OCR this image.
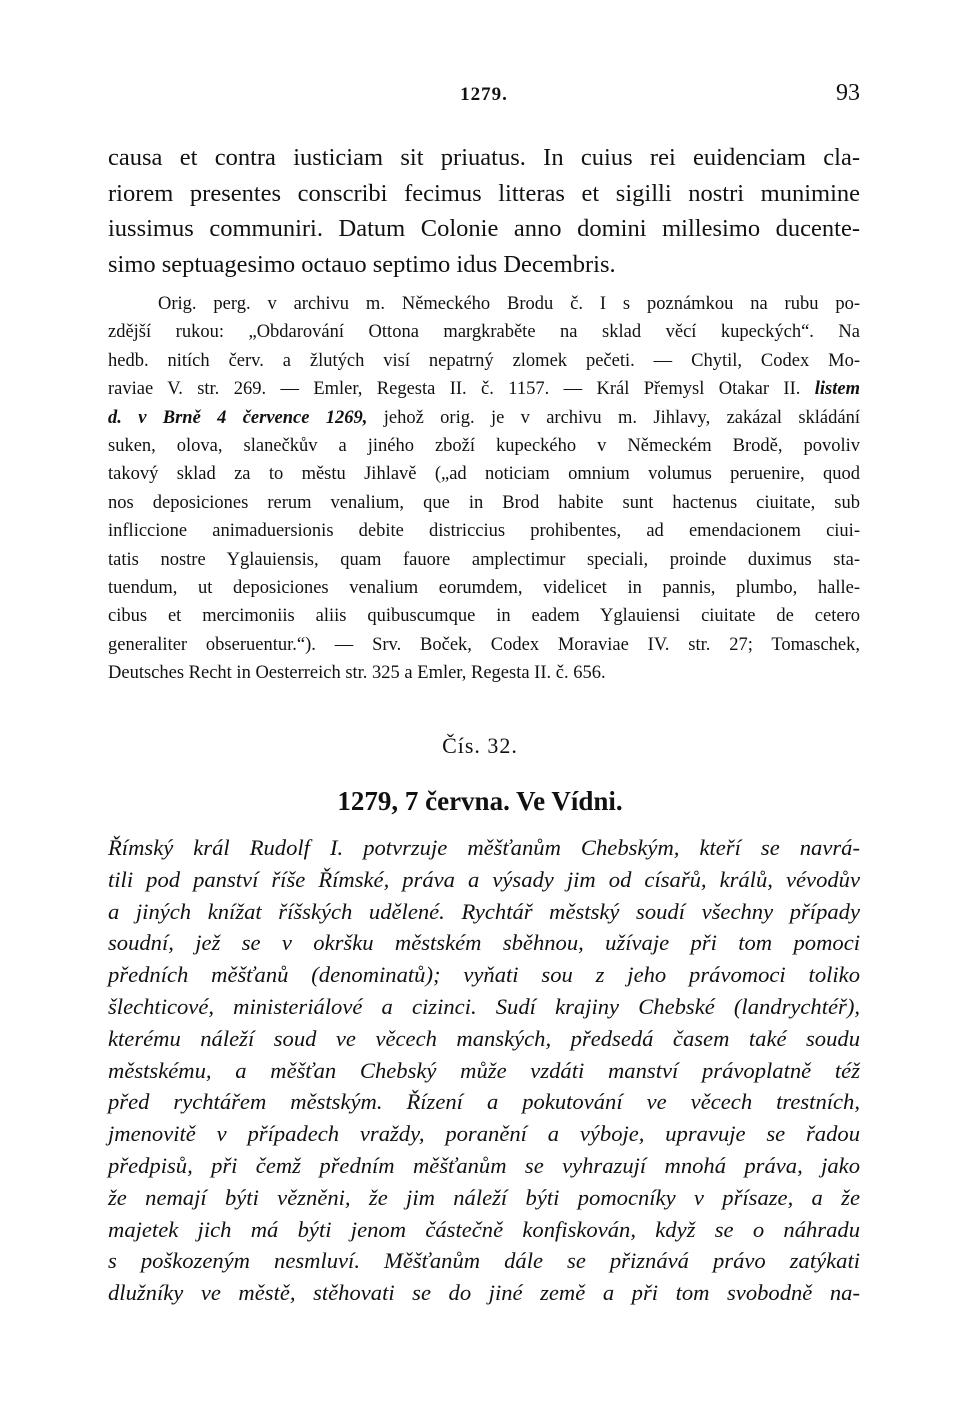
1279.	93
causa et contra iusticiam sit priuatus. In cuius rei euidenciam cla-
riorem presentes conscribi fecimus litteras et sigilli nostri munimine
iussimus communiri. Datum Colonie anno domini millesimo ducente-
simo septuagesimo octauo septimo idus Decembris.
Orig. perg. v archivu m. Německého Brodu č. I s poznámkou na rubu po-
zdější rukou: „Obdarování Ottona margkraběte na sklad věcí kupeckých“. Na
hedb. nitích červ. a žlutých visí nepatrný zlomek pečeti. — Chytil, Codex Mo-
raviae V. str. 269. — Emler, Regesta II. č. 1157. — Král Přemysl Otakar II. listem
d. v Brně 4 července 1269, jehož orig. je v archivu m. Jihlavy, zakázal skládání
suken, olova, slanečkův a jiného zboží kupeckého v Německém Brodě, povoliv
takový sklad za to městu Jihlavě („ad noticiam omnium volumus peruenire, quod
nos deposiciones rerum venalium, que in Brod habite sunt hactenus ciuitate, sub
infliccione animaduersionis debite districcius prohibentes, ad emendacionem ciui-
tatis nostre Yglauiensis, quam fauore amplectimur speciali, proinde duximus sta-
tuendum, ut deposiciones venalium eorumdem, videlicet in pannis, plumbo, halle-
cibus et mercimoniis aliis quibuscumque in eadem Yglauiensi ciuitate de cetero
generaliter obseruentur.“). — Srv. Boček, Codex Moraviae IV. str. 27; Tomaschek,
Deutsches Recht in Oesterreich str. 325 a Emler, Regesta II. č. 656.
Čís. 32.
1279, 7 června. Ve Vídni.
Římský král Rudolf I. potvrzuje měšťanům Chebským, kteří se navrá-
tili pod panství říše Římské, práva a výsady jim od císařů, králů, vévodův
a jiných knížat říšských udělené. Rychtář městský soudí všechny případy
soudní, jež se v okršku městském sběhnou, užívaje při tom pomoci
předních měšťanů (denominatů); vyňati sou z jeho právomoci toliko
šlechticové, ministeriálové a cizinci. Sudí krajiny Chebské (landrychtéř),
kterému náleží soud ve věcech manských, předsedá časem také soudu
městskému, a měšťan Chebský může vzdáti manství právoplatně též
před rychtářem městským. Řízení a pokutování ve věcech trestních,
jmenovitě v případech vraždy, poranění a výboje, upravuje se řadou
předpisů, při čemž předním měšťanům se vyhrazují mnohá práva, jako
že nemají býti vězněni, že jim náleží býti pomocníky v přísaze, a že
majetek jich má býti jenom částečně konfiskován, když se o náhradu
s poškozeným nesmluví. Měšťanům dále se přiznává právo zatýkati
dlužníky ve městě, stěhovati se do jiné země a při tom svobodně na-
